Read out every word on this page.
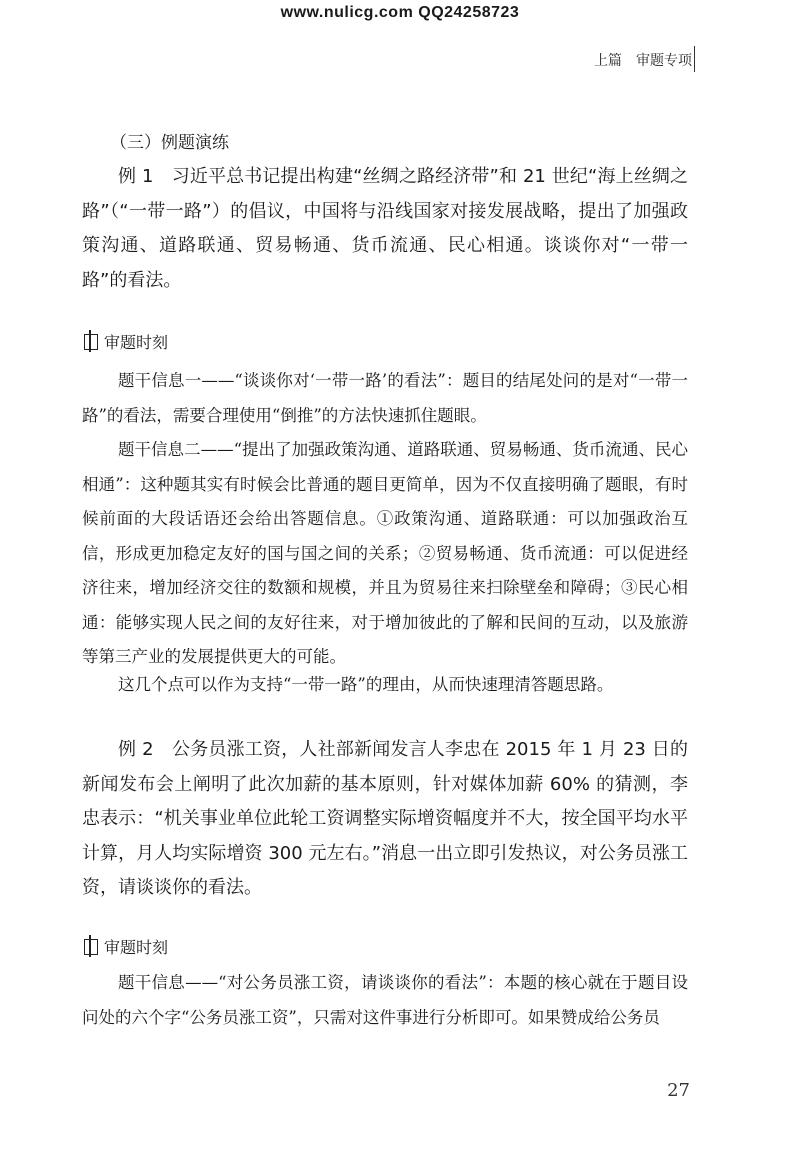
www.nulicg.com QQ24258723
上篇　审题专项
（三）例题演练

例 1　习近平总书记提出构建“丝绸之路经济带”和 21 世纪“海上丝绸之路”（“一带一路”）的倡议，中国将与沿线国家对接发展战略，提出了加强政策沟通、道路联通、贸易畅通、货币流通、民心相通。谈谈你对“一带一路”的看法。

审题时刻

题干信息一——“谈谈你对‘一带一路’的看法”：题目的结尾处问的是对“一带一路”的看法，需要合理使用“倒推”的方法快速抓住题眼。

题干信息二——“提出了加强政策沟通、道路联通、贸易畅通、货币流通、民心相通”：这种题其实有时候会比普通的题目更简单，因为不仅直接明确了题眼，有时候前面的大段话语还会给出答题信息。①政策沟通、道路联通：可以加强政治互信，形成更加稳定友好的国与国之间的关系；②贸易畅通、货币流通：可以促进经济往来，增加经济交往的数额和规模，并且为贸易往来扫除壁垒和障碍；③民心相通：能够实现人民之间的友好往来，对于增加彼此的了解和民间的互动，以及旅游等第三产业的发展提供更大的可能。

这几个点可以作为支持“一带一路”的理由，从而快速理清答题思路。

例 2　公务员涨工资，人社部新闻发言人李忠在 2015 年 1 月 23 日的新闻发布会上阐明了此次加薪的基本原则，针对媒体加薪 60% 的猜测，李忠表示：“机关事业单位此轮工资调整实际增资幅度并不大，按全国平均水平计算，月人均实际增资 300 元左右。”消息一出立即引发热议，对公务员涨工资，请谈谈你的看法。

审题时刻

题干信息——“对公务员涨工资，请谈谈你的看法”：本题的核心就在于题目设问处的六个字“公务员涨工资”，只需对这件事进行分析即可。如果赞成给公务员

27
